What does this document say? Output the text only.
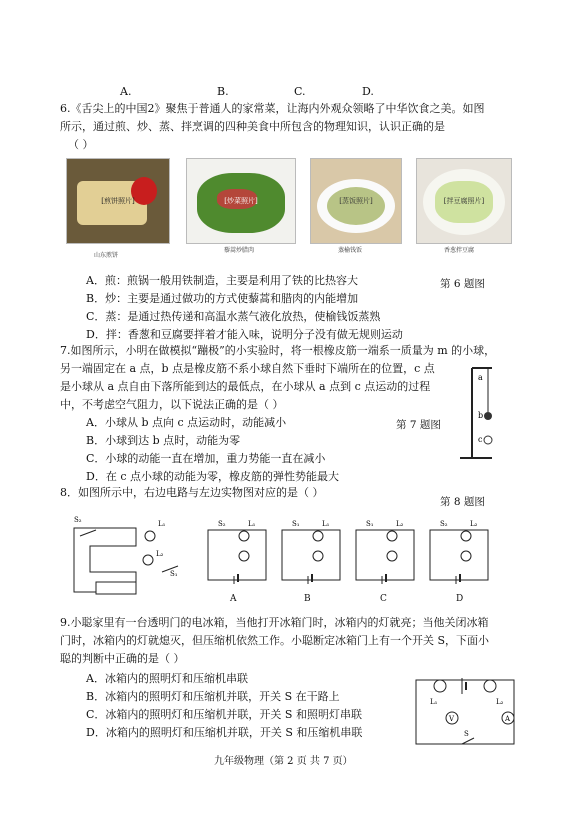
A.	B.	C.	D.
6.《舌尖上的中国2》聚焦于普通人的家常菜，让海内外观众领略了中华饮食之美。如图
所示，通过煎、炒、蒸、拌烹调的四种美食中所包含的物理知识，认识正确的是
（ ）
[煎饼照片]	[炒菜照片]	[蒸饭照片]	[拌豆腐照片]
山东煎饼
藜蒿炒腊肉	蒸榆钱饭	香葱拌豆腐
A．煎：煎锅一般用铁制造，主要是利用了铁的比热容大
B．炒：主要是通过做功的方式使藜蒿和腊肉的内能增加
C．蒸：是通过热传递和高温水蒸气液化放热，使榆钱饭蒸熟
D．拌：香葱和豆腐要拌着才能入味，说明分子没有做无规则运动
第 6 题图
7.如图所示，小明在做模拟“蹦极”的小实验时，将一根橡皮筋一端系一质量为 m 的小球，
另一端固定在 a 点，b 点是橡皮筋不系小球自然下垂时下端所在的位置，c 点
是小球从 a 点自由下落所能到达的最低点，在小球从 a 点到 c 点运动的过程
中，不考虑空气阻力，以下说法正确的是（ ）
A．小球从 b 点向 c 点运动时，动能减小
B．小球到达 b 点时，动能为零
C．小球的动能一直在增加，重力势能一直在减小
D．在 c 点小球的动能为零，橡皮筋的弹性势能最大
第 7 题图
a
b
c
8．如图所示中，右边电路与左边实物图对应的是（ ）
第 8 题图
S₂	L₁
L₂
S₁
S₂	L₁	S₁	L₁	S₁	L₂	S₂	L₂
A	B	C	D
9.小聪家里有一台透明门的电冰箱，当他打开冰箱门时，冰箱内的灯就亮；当他关闭冰箱
门时，冰箱内的灯就熄灭，但压缩机依然工作。小聪断定冰箱门上有一个开关 S，下面小
聪的判断中正确的是（ ）
A．冰箱内的照明灯和压缩机串联
B．冰箱内的照明灯和压缩机并联，开关 S 在干路上
C．冰箱内的照明灯和压缩机并联，开关 S 和照明灯串联
D．冰箱内的照明灯和压缩机并联，开关 S 和压缩机串联
L₁	L₂
V	A
S
九年级物理（第 2 页 共 7 页）
